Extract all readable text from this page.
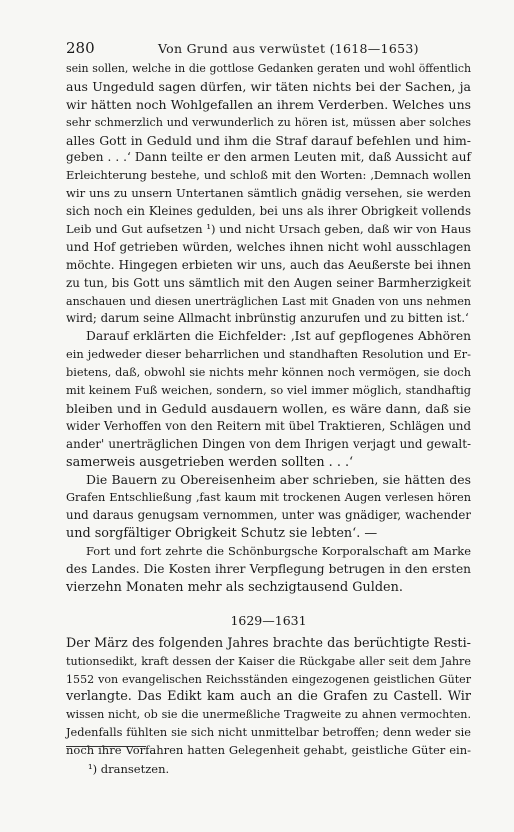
280	Von Grund aus verwüstet (1618—1653)
sein sollen, welche in die gottlose Gedanken geraten und wohl öffentlich
aus Ungeduld sagen dürfen, wir täten nichts bei der Sachen, ja
wir hätten noch Wohlgefallen an ihrem Verderben. Welches uns
sehr schmerzlich und verwunderlich zu hören ist, müssen aber solches
alles Gott in Geduld und ihm die Straf darauf befehlen und him-
geben . . .‘ Dann teilte er den armen Leuten mit, daß Aussicht auf
Erleichterung bestehe, und schloß mit den Worten: ‚Demnach wollen
wir uns zu unsern Untertanen sämtlich gnädig versehen, sie werden
sich noch ein Kleines gedulden, bei uns als ihrer Obrigkeit vollends
Leib und Gut aufsetzen ¹) und nicht Ursach geben, daß wir von Haus
und Hof getrieben würden, welches ihnen nicht wohl ausschlagen
möchte. Hingegen erbieten wir uns, auch das Aeußerste bei ihnen
zu tun, bis Gott uns sämtlich mit den Augen seiner Barmherzigkeit
anschauen und diesen unerträglichen Last mit Gnaden von uns nehmen
wird; darum seine Allmacht inbrünstig anzurufen und zu bitten ist.‘
Darauf erklärten die Eichfelder: ‚Ist auf gepflogenes Abhören
ein jedweder dieser beharrlichen und standhaften Resolution und Er-
bietens, daß, obwohl sie nichts mehr können noch vermögen, sie doch
mit keinem Fuß weichen, sondern, so viel immer möglich, standhaftig
bleiben und in Geduld ausdauern wollen, es wäre dann, daß sie
wider Verhoffen von den Reitern mit übel Traktieren, Schlägen und
ander' unerträglichen Dingen von dem Ihrigen verjagt und gewalt-
samerweis ausgetrieben werden sollten . . .‘
Die Bauern zu Obereisenheim aber schrieben, sie hätten des
Grafen Entschließung ‚fast kaum mit trockenen Augen verlesen hören
und daraus genugsam vernommen, unter was gnädiger, wachender
und sorgfältiger Obrigkeit Schutz sie lebten‘. —
Fort und fort zehrte die Schönburgsche Korporalschaft am Marke
des Landes. Die Kosten ihrer Verpflegung betrugen in den ersten
vierzehn Monaten mehr als sechzigtausend Gulden.
1629—1631
Der März des folgenden Jahres brachte das berüchtigte Resti-
tutionsedikt, kraft dessen der Kaiser die Rückgabe aller seit dem Jahre
1552 von evangelischen Reichsständen eingezogenen geistlichen Güter
verlangte. Das Edikt kam auch an die Grafen zu Castell. Wir
wissen nicht, ob sie die unermeßliche Tragweite zu ahnen vermochten.
Jedenfalls fühlten sie sich nicht unmittelbar betroffen; denn weder sie
noch ihre Vorfahren hatten Gelegenheit gehabt, geistliche Güter ein-
¹) dransetzen.
